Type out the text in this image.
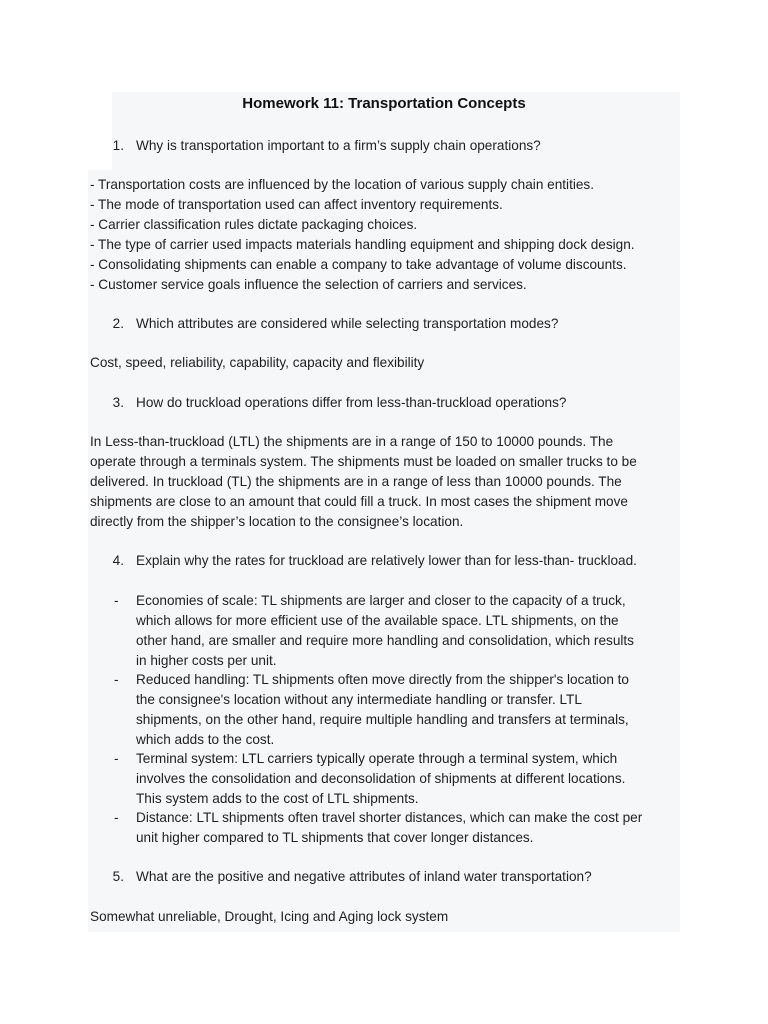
Homework 11: Transportation Concepts
1. Why is transportation important to a firm’s supply chain operations?
- Transportation costs are influenced by the location of various supply chain entities.
- The mode of transportation used can affect inventory requirements.
- Carrier classification rules dictate packaging choices.
- The type of carrier used impacts materials handling equipment and shipping dock design.
- Consolidating shipments can enable a company to take advantage of volume discounts.
- Customer service goals influence the selection of carriers and services.
2. Which attributes are considered while selecting transportation modes?
Cost, speed, reliability, capability, capacity and flexibility
3. How do truckload operations differ from less-than-truckload operations?
In Less-than-truckload (LTL) the shipments are in a range of 150 to 10000 pounds. The
operate through a terminals system. The shipments must be loaded on smaller trucks to be
delivered. In truckload (TL) the shipments are in a range of less than 10000 pounds. The
shipments are close to an amount that could fill a truck. In most cases the shipment move
directly from the shipper’s location to the consignee’s location.
4. Explain why the rates for truckload are relatively lower than for less-than- truckload.
- Economies of scale: TL shipments are larger and closer to the capacity of a truck,
which allows for more efficient use of the available space. LTL shipments, on the
other hand, are smaller and require more handling and consolidation, which results
in higher costs per unit.
- Reduced handling: TL shipments often move directly from the shipper's location to
the consignee's location without any intermediate handling or transfer. LTL
shipments, on the other hand, require multiple handling and transfers at terminals,
which adds to the cost.
- Terminal system: LTL carriers typically operate through a terminal system, which
involves the consolidation and deconsolidation of shipments at different locations.
This system adds to the cost of LTL shipments.
- Distance: LTL shipments often travel shorter distances, which can make the cost per
unit higher compared to TL shipments that cover longer distances.
5. What are the positive and negative attributes of inland water transportation?
Somewhat unreliable, Drought, Icing and Aging lock system
